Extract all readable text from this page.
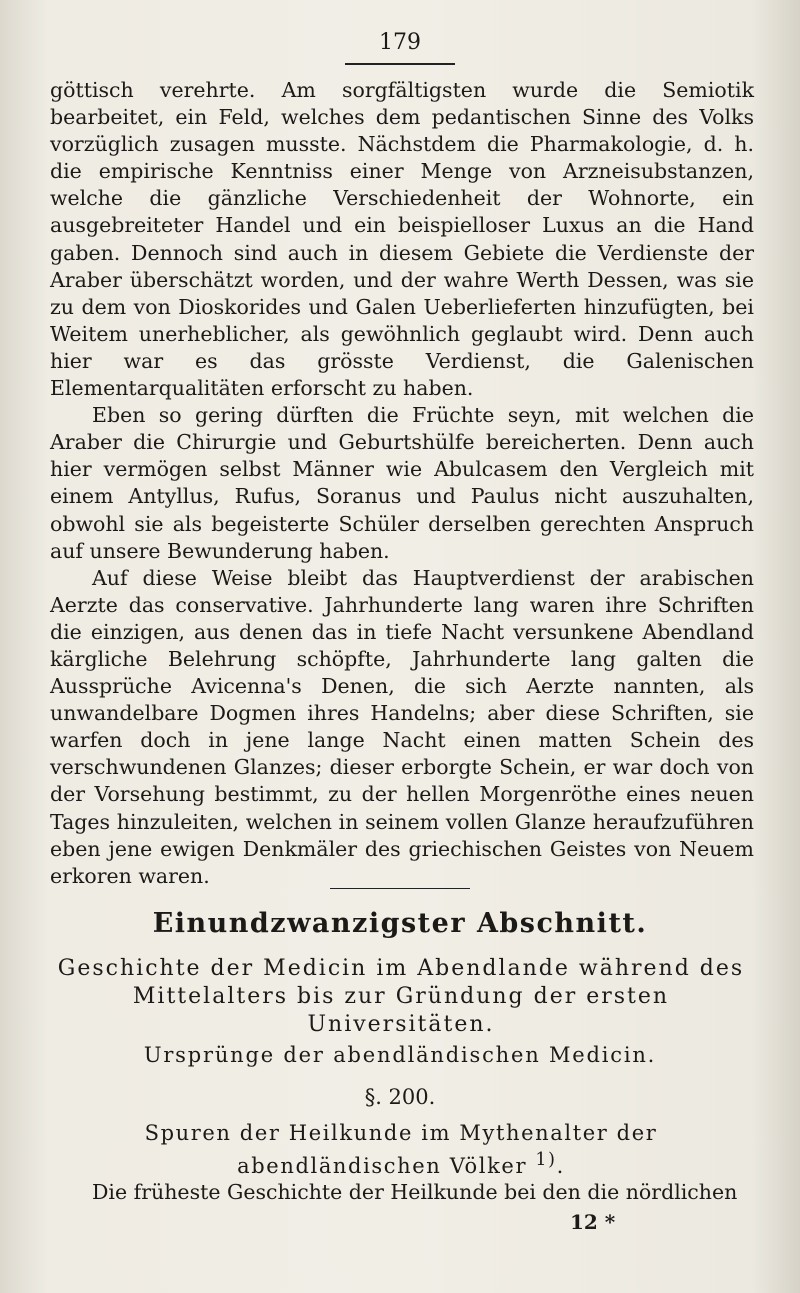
179

göttisch verehrte. Am sorgfältigsten wurde die Semiotik bearbeitet, ein Feld, welches dem pedantischen Sinne des Volks vorzüglich zusagen musste. Nächstdem die Pharmakologie, d. h. die empirische Kenntniss einer Menge von Arzneisubstanzen, welche die gänzliche Verschiedenheit der Wohnorte, ein ausgebreiteter Handel und ein beispielloser Luxus an die Hand gaben. Dennoch sind auch in diesem Gebiete die Verdienste der Araber überschätzt worden, und der wahre Werth Dessen, was sie zu dem von Dioskorides und Galen Ueberlieferten hinzufügten, bei Weitem unerheblicher, als gewöhnlich geglaubt wird. Denn auch hier war es das grösste Verdienst, die Galenischen Elementarqualitäten erforscht zu haben.

Eben so gering dürften die Früchte seyn, mit welchen die Araber die Chirurgie und Geburtshülfe bereicherten. Denn auch hier vermögen selbst Männer wie Abulcasem den Vergleich mit einem Antyllus, Rufus, Soranus und Paulus nicht auszuhalten, obwohl sie als begeisterte Schüler derselben gerechten Anspruch auf unsere Bewunderung haben.

Auf diese Weise bleibt das Hauptverdienst der arabischen Aerzte das conservative. Jahrhunderte lang waren ihre Schriften die einzigen, aus denen das in tiefe Nacht versunkene Abendland kärgliche Belehrung schöpfte, Jahrhunderte lang galten die Aussprüche Avicenna's Denen, die sich Aerzte nannten, als unwandelbare Dogmen ihres Handelns; aber diese Schriften, sie warfen doch in jene lange Nacht einen matten Schein des verschwundenen Glanzes; dieser erborgte Schein, er war doch von der Vorsehung bestimmt, zu der hellen Morgenröthe eines neuen Tages hinzuleiten, welchen in seinem vollen Glanze heraufzuführen eben jene ewigen Denkmäler des griechischen Geistes von Neuem erkoren waren.

Einundzwanzigster Abschnitt.
Geschichte der Medicin im Abendlande während des Mittelalters bis zur Gründung der ersten Universitäten.
Ursprünge der abendländischen Medicin.
§. 200.
Spuren der Heilkunde im Mythenalter der abendländischen Völker $^{1)}$.
Die früheste Geschichte der Heilkunde bei den die nördlichen
12 *
